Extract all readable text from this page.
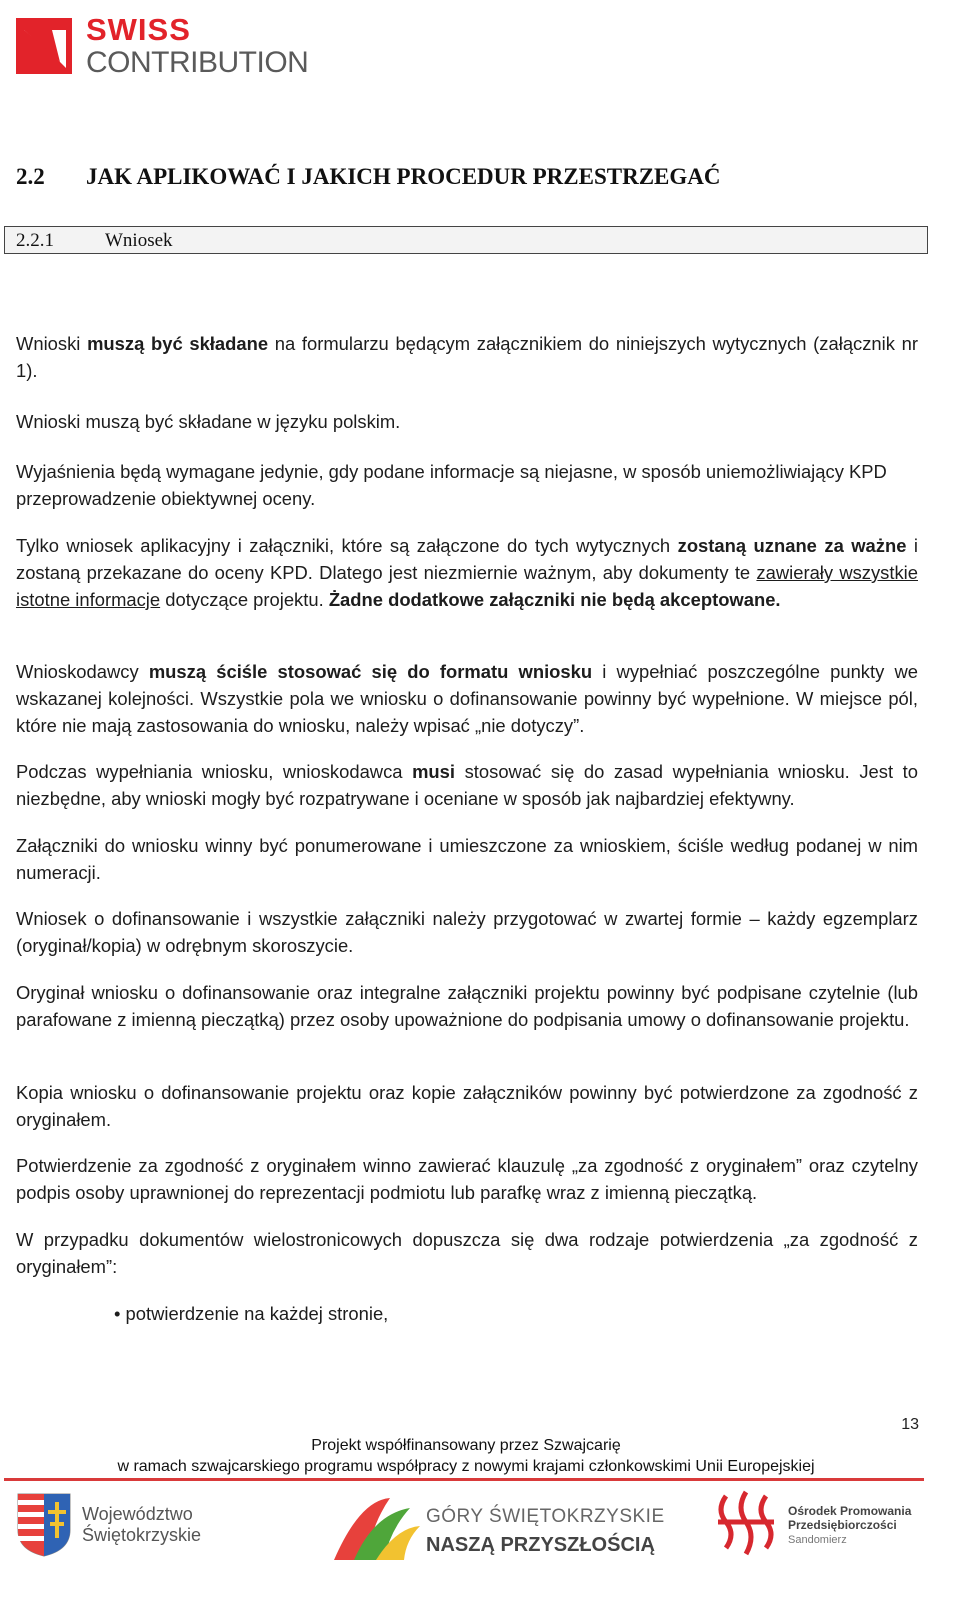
SWISS
CONTRIBUTION
2.2 JAK APLIKOWAĆ I JAKICH PROCEDUR PRZESTRZEGAĆ
2.2.1	Wniosek

Wnioski muszą być składane na formularzu będącym załącznikiem do niniejszych wytycznych (załącznik nr 1).

Wnioski muszą być składane w języku polskim.

Wyjaśnienia będą wymagane jedynie, gdy podane informacje są niejasne, w sposób uniemożliwiający KPD przeprowadzenie obiektywnej oceny.

Tylko wniosek aplikacyjny i załączniki, które są załączone do tych wytycznych zostaną uznane za ważne i zostaną przekazane do oceny KPD. Dlatego jest niezmiernie ważnym, aby dokumenty te zawierały wszystkie istotne informacje dotyczące projektu. Żadne dodatkowe załączniki nie będą akceptowane.

Wnioskodawcy muszą ściśle stosować się do formatu wniosku i wypełniać poszczególne punkty we wskazanej kolejności. Wszystkie pola we wniosku o dofinansowanie powinny być wypełnione. W miejsce pól, które nie mają zastosowania do wniosku, należy wpisać „nie dotyczy”.

Podczas wypełniania wniosku, wnioskodawca musi stosować się do zasad wypełniania wniosku. Jest to niezbędne, aby wnioski mogły być rozpatrywane i oceniane w sposób jak najbardziej efektywny.

Załączniki do wniosku winny być ponumerowane i umieszczone za wnioskiem, ściśle według podanej w nim numeracji.

Wniosek o dofinansowanie i wszystkie załączniki należy przygotować w zwartej formie – każdy egzemplarz (oryginał/kopia) w odrębnym skoroszycie.

Oryginał wniosku o dofinansowanie oraz integralne załączniki projektu powinny być podpisane czytelnie (lub parafowane z imienną pieczątką) przez osoby upoważnione do podpisania umowy o dofinansowanie projektu.

Kopia wniosku o dofinansowanie projektu oraz kopie załączników powinny być potwierdzone za zgodność z oryginałem.

Potwierdzenie za zgodność z oryginałem winno zawierać klauzulę „za zgodność z oryginałem” oraz czytelny podpis osoby uprawnionej do reprezentacji podmiotu lub parafkę wraz z imienną pieczątką.

W przypadku dokumentów wielostronicowych dopuszcza się dwa rodzaje potwierdzenia „za zgodność z oryginałem”:

• potwierdzenie na każdej stronie,
13
Projekt współfinansowany przez Szwajcarię
w ramach szwajcarskiego programu współpracy z nowymi krajami członkowskimi Unii Europejskiej
Województwo
Świętokrzyskie
GÓRY ŚWIĘTOKRZYSKIE
NASZĄ PRZYSZŁOŚCIĄ
Ośrodek Promowania
Przedsiębiorczości
Sandomierz
